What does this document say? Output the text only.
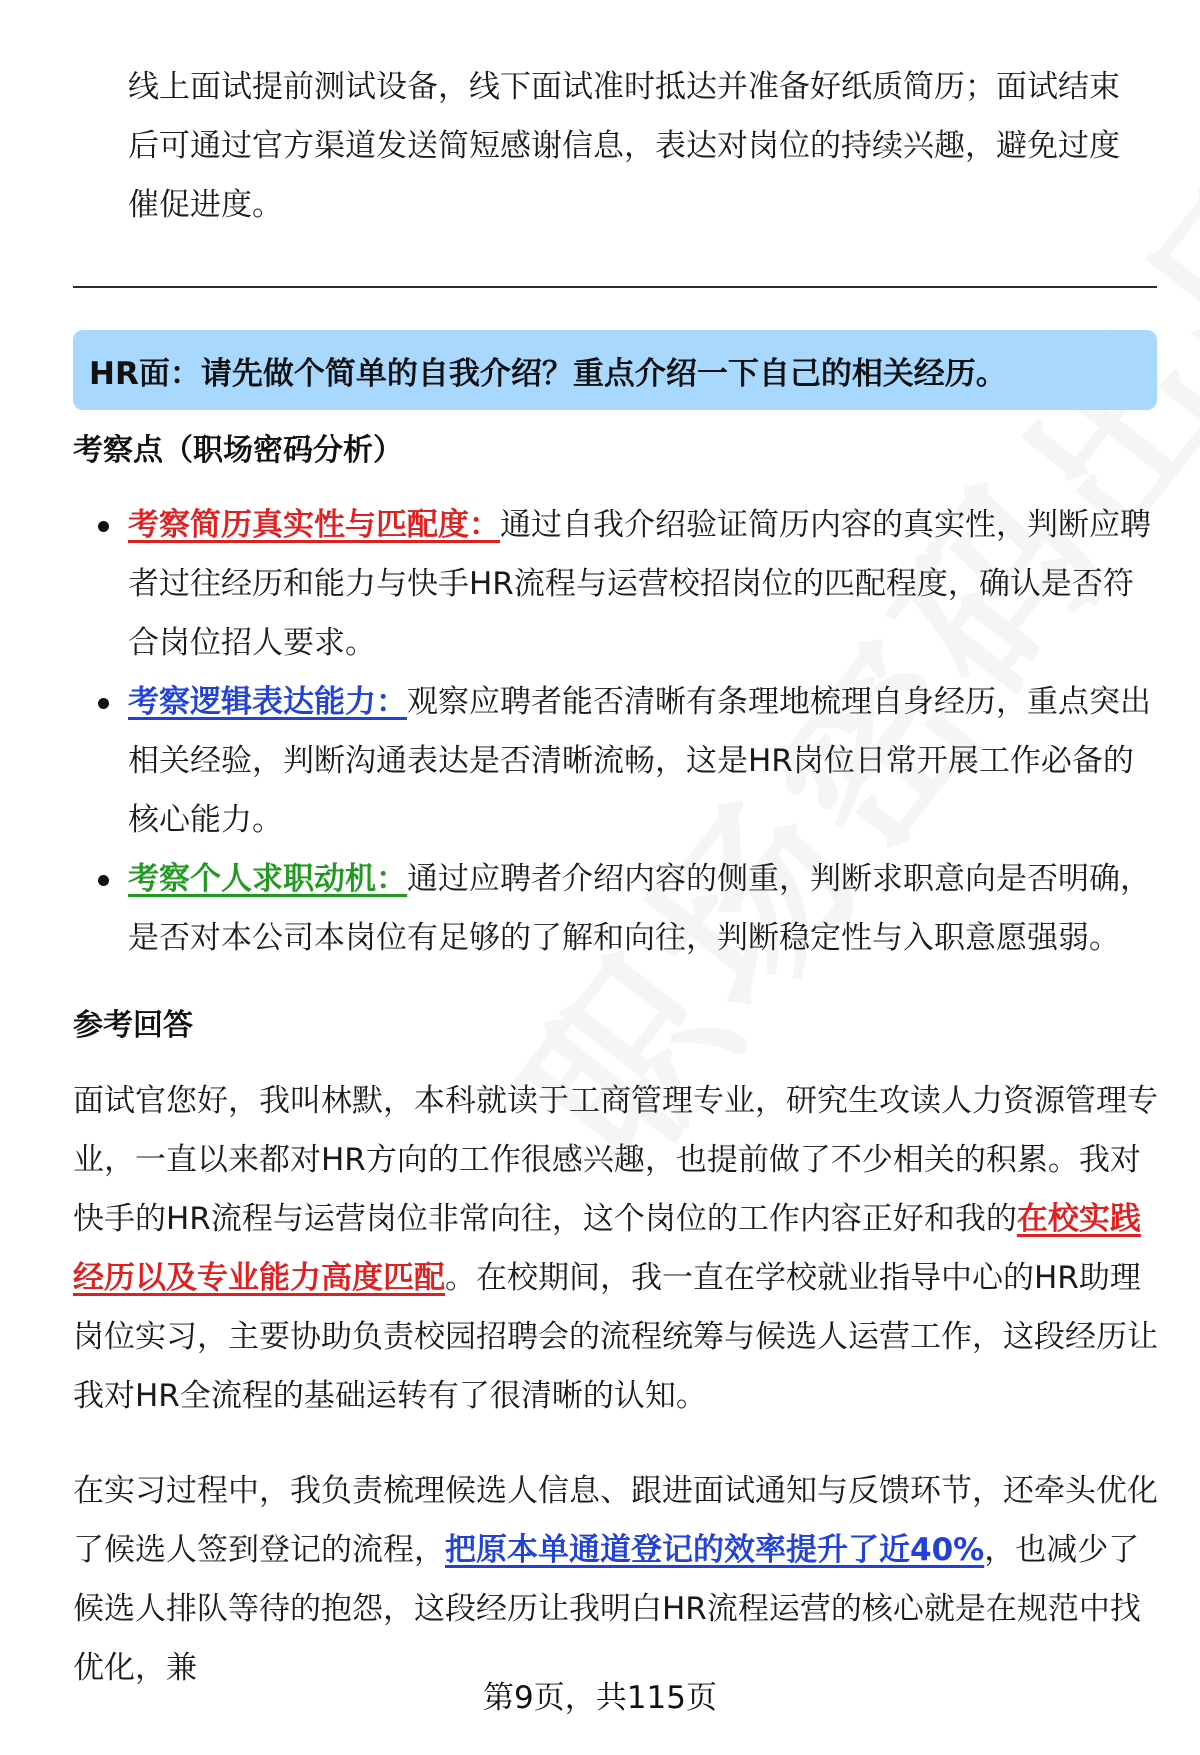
线上面试提前测试设备，线下面试准时抵达并准备好纸质简历；面试结束后可通过官方渠道发送简短感谢信息，表达对岗位的持续兴趣，避免过度催促进度。

HR面：请先做个简单的自我介绍？重点介绍一下自己的相关经历。
考察点（职场密码分析）
考察简历真实性与匹配度：通过自我介绍验证简历内容的真实性，判断应聘者过往经历和能力与快手HR流程与运营校招岗位的匹配程度，确认是否符合岗位招人要求。
考察逻辑表达能力：观察应聘者能否清晰有条理地梳理自身经历，重点突出相关经验，判断沟通表达是否清晰流畅，这是HR岗位日常开展工作必备的核心能力。
考察个人求职动机：通过应聘者介绍内容的侧重，判断求职意向是否明确，是否对本公司本岗位有足够的了解和向往，判断稳定性与入职意愿强弱。
参考回答

面试官您好，我叫林默，本科就读于工商管理专业，研究生攻读人力资源管理专业，一直以来都对HR方向的工作很感兴趣，也提前做了不少相关的积累。我对快手的HR流程与运营岗位非常向往，这个岗位的工作内容正好和我的在校实践经历以及专业能力高度匹配。在校期间，我一直在学校就业指导中心的HR助理岗位实习，主要协助负责校园招聘会的流程统筹与候选人运营工作，这段经历让我对HR全流程的基础运转有了很清晰的认知。

在实习过程中，我负责梳理候选人信息、跟进面试通知与反馈环节，还牵头优化了候选人签到登记的流程，把原本单通道登记的效率提升了近40%，也减少了候选人排队等待的抱怨，这段经历让我明白HR流程运营的核心就是在规范中找优化，兼

第9页，共115页
